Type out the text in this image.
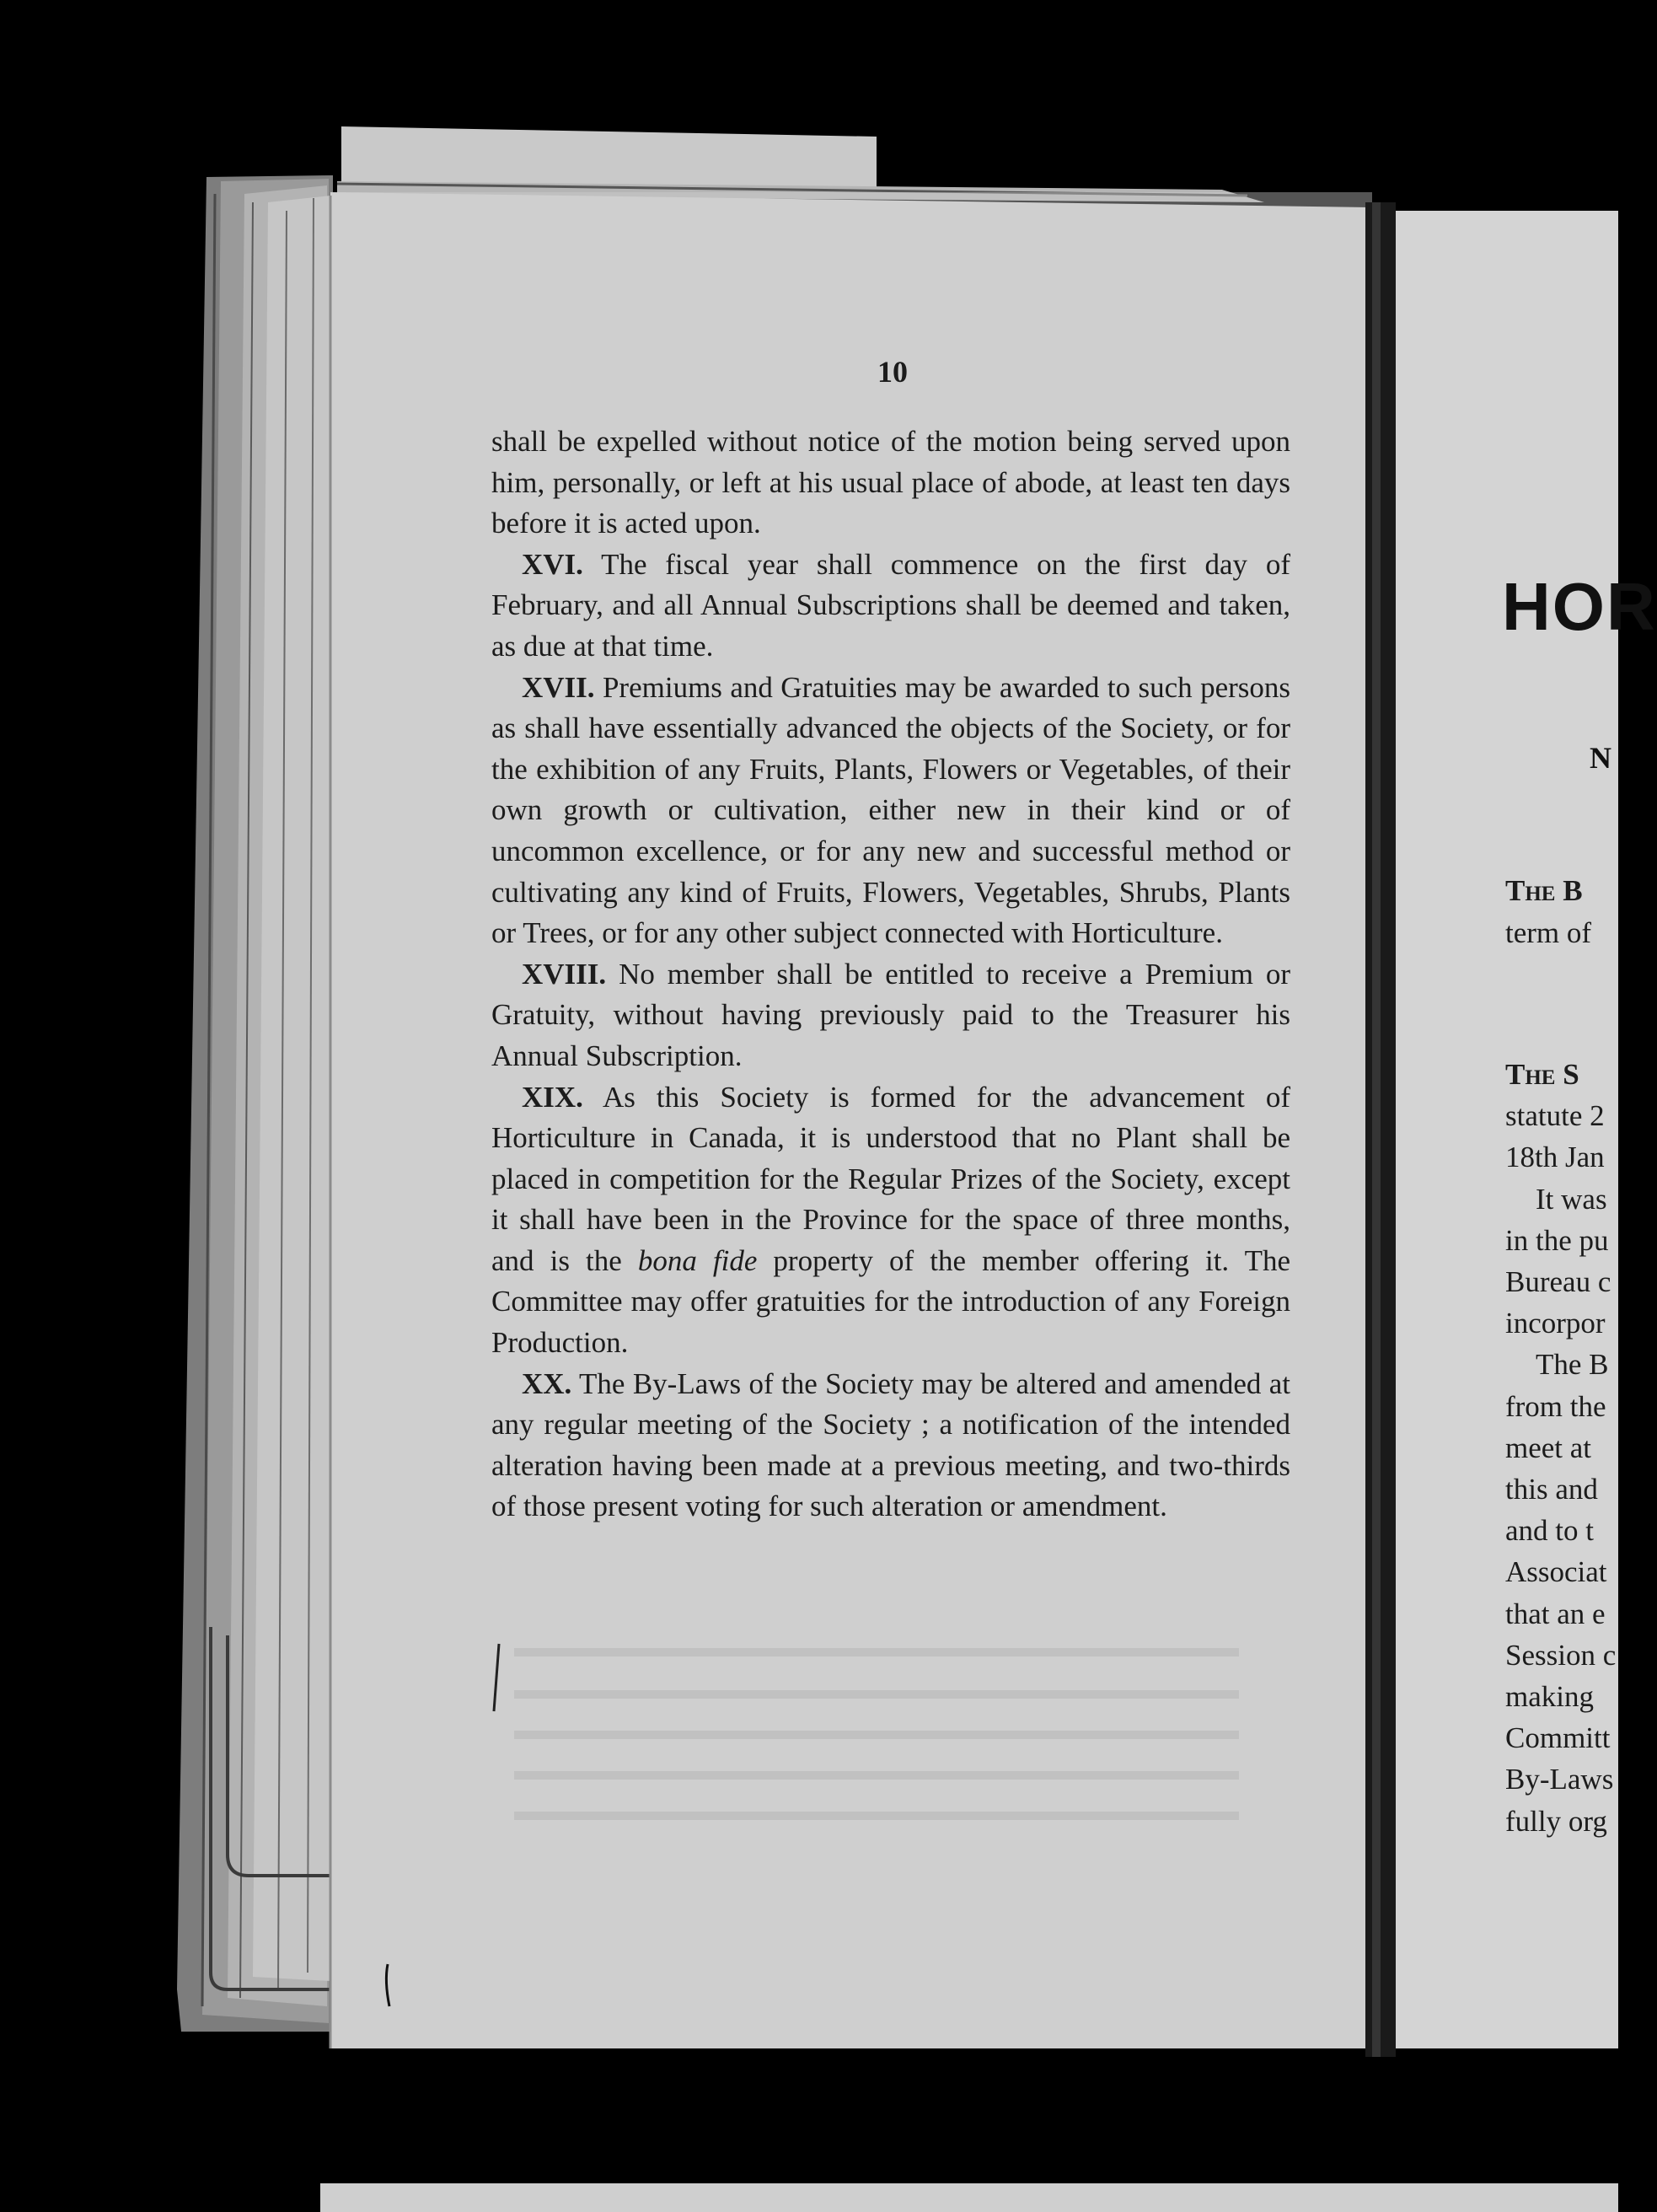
10

shall be expelled without notice of the motion being served upon him, personally, or left at his usual place of abode, at least ten days before it is acted upon.

XVI. The fiscal year shall commence on the first day of February, and all Annual Subscriptions shall be deemed and taken, as due at that time.

XVII. Premiums and Gratuities may be awarded to such persons as shall have essentially advanced the objects of the Society, or for the exhibition of any Fruits, Plants, Flowers or Vegetables, of their own growth or cultivation, either new in their kind or of uncommon excellence, or for any new and successful method or cultivating any kind of Fruits, Flowers, Vegetables, Shrubs, Plants or Trees, or for any other subject connected with Horticulture.

XVIII. No member shall be entitled to receive a Premium or Gratuity, without having previously paid to the Treasurer his Annual Subscription.

XIX. As this Society is formed for the advancement of Horticulture in Canada, it is understood that no Plant shall be placed in competition for the Regular Prizes of the Society, except it shall have been in the Province for the space of three months, and is the bona fide property of the member offering it. The Committee may offer gratuities for the introduction of any Foreign Production.

XX. The By-Laws of the Society may be altered and amended at any regular meeting of the Society ; a notification of the intended alteration having been made at a previous meeting, and two-thirds of those present voting for such alteration or amendment.

HOR
N
The B
term of
The S
statute 2
18th Jan
It was
in the pu
Bureau c
incorpor
The B
from the
meet at
this and
and to t
Associat
that an e
Session c
making
Committ
By-Laws
fully org
